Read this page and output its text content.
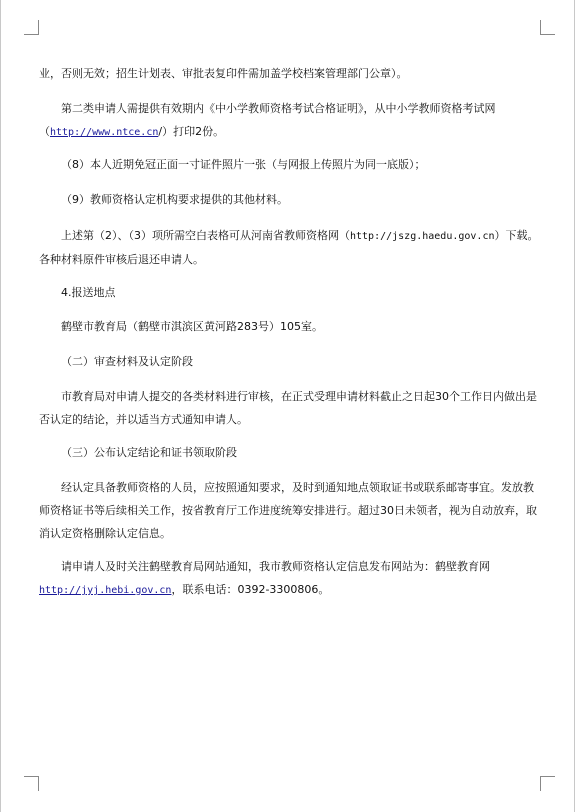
业，否则无效；招生计划表、审批表复印件需加盖学校档案管理部门公章）。

第二类申请人需提供有效期内《中小学教师资格考试合格证明》，从中小学教师资格考试网（http://www.ntce.cn/）打印2份。

（8）本人近期免冠正面一寸证件照片一张（与网报上传照片为同一底版）；

（9）教师资格认定机构要求提供的其他材料。

上述第（2）、（3）项所需空白表格可从河南省教师资格网（http://jszg.haedu.gov.cn）下载。各种材料原件审核后退还申请人。

4.报送地点

鹤壁市教育局（鹤壁市淇滨区黄河路283号）105室。

（二）审查材料及认定阶段

市教育局对申请人提交的各类材料进行审核，在正式受理申请材料截止之日起30个工作日内做出是否认定的结论，并以适当方式通知申请人。

（三）公布认定结论和证书领取阶段

经认定具备教师资格的人员，应按照通知要求，及时到通知地点领取证书或联系邮寄事宜。发放教师资格证书等后续相关工作，按省教育厅工作进度统筹安排进行。超过30日未领者，视为自动放弃，取消认定资格删除认定信息。

请申请人及时关注鹤壁教育局网站通知，我市教师资格认定信息发布网站为：鹤壁教育网http://jyj.hebi.gov.cn，联系电话：0392-3300806。
